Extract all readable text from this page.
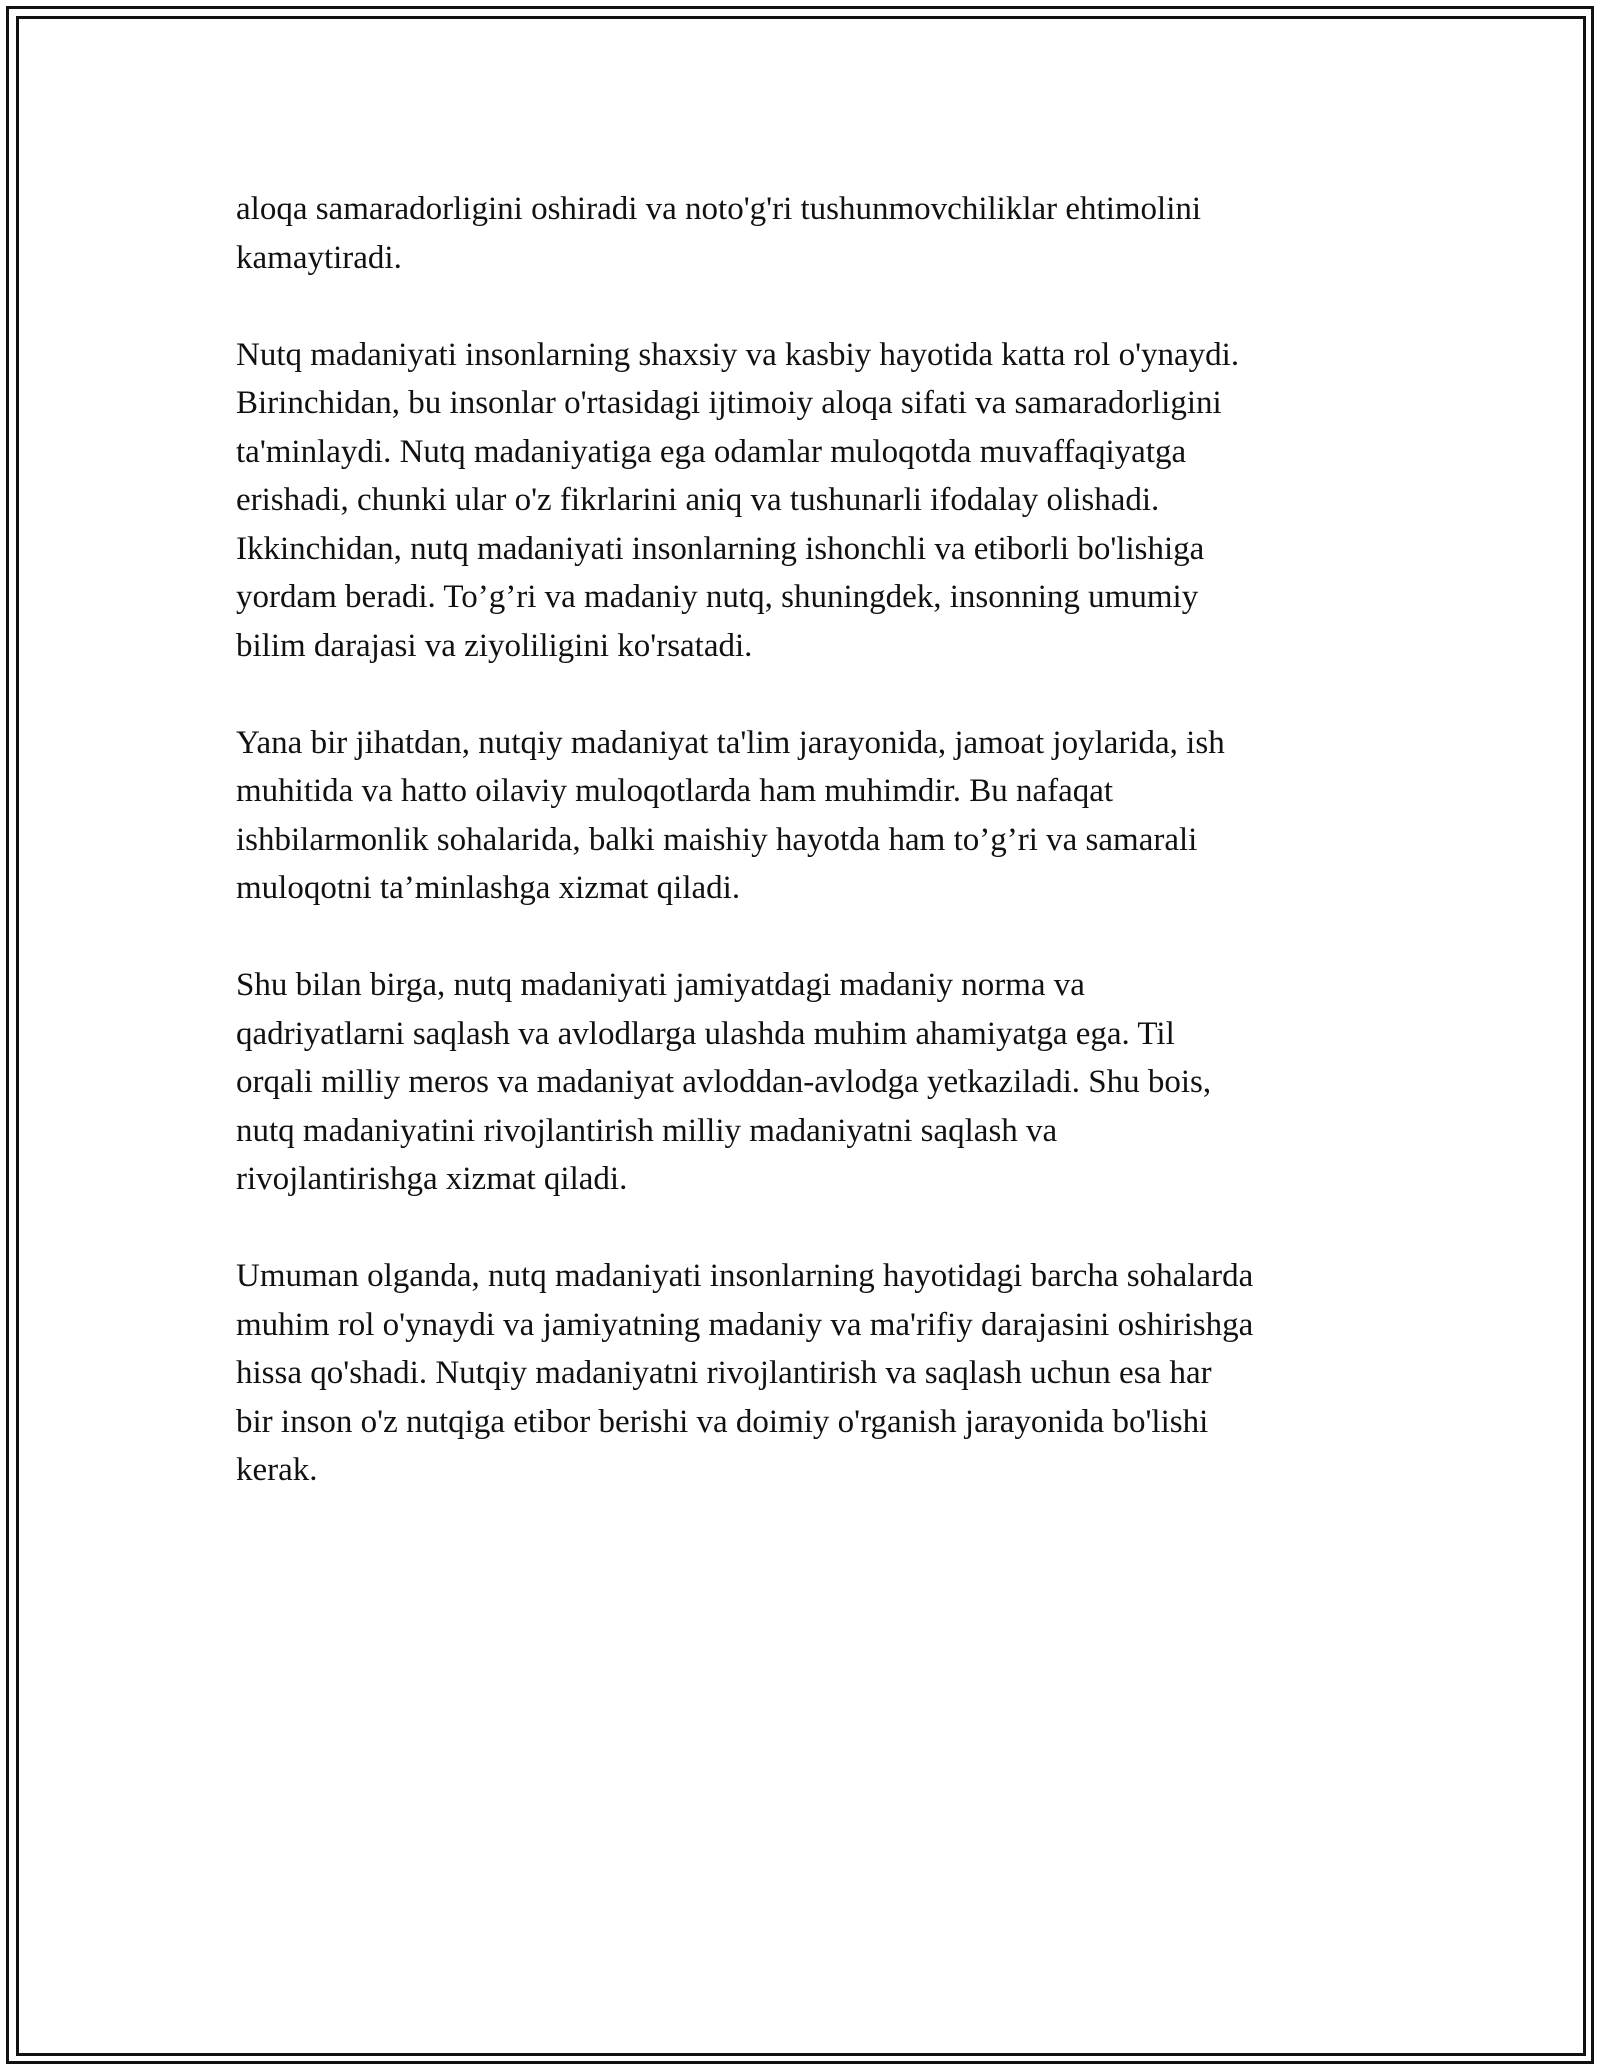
aloqa samaradorligini oshiradi va noto'g'ri tushunmovchiliklar ehtimolini
kamaytiradi.

Nutq madaniyati insonlarning shaxsiy va kasbiy hayotida katta rol o'ynaydi.
Birinchidan, bu insonlar o'rtasidagi ijtimoiy aloqa sifati va samaradorligini
ta'minlaydi. Nutq madaniyatiga ega odamlar muloqotda muvaffaqiyatga
erishadi, chunki ular o'z fikrlarini aniq va tushunarli ifodalay olishadi.
Ikkinchidan, nutq madaniyati insonlarning ishonchli va etiborli bo'lishiga
yordam beradi. To’g’ri va madaniy nutq, shuningdek, insonning umumiy
bilim darajasi va ziyoliligini ko'rsatadi.

Yana bir jihatdan, nutqiy madaniyat ta'lim jarayonida, jamoat joylarida, ish
muhitida va hatto oilaviy muloqotlarda ham muhimdir. Bu nafaqat
ishbilarmonlik sohalarida, balki maishiy hayotda ham to’g’ri va samarali
muloqotni ta’minlashga xizmat qiladi.

Shu bilan birga, nutq madaniyati jamiyatdagi madaniy norma va
qadriyatlarni saqlash va avlodlarga ulashda muhim ahamiyatga ega. Til
orqali milliy meros va madaniyat avloddan-avlodga yetkaziladi. Shu bois,
nutq madaniyatini rivojlantirish milliy madaniyatni saqlash va
rivojlantirishga xizmat qiladi.

Umuman olganda, nutq madaniyati insonlarning hayotidagi barcha sohalarda
muhim rol o'ynaydi va jamiyatning madaniy va ma'rifiy darajasini oshirishga
hissa qo'shadi. Nutqiy madaniyatni rivojlantirish va saqlash uchun esa har
bir inson o'z nutqiga etibor berishi va doimiy o'rganish jarayonida bo'lishi
kerak.
